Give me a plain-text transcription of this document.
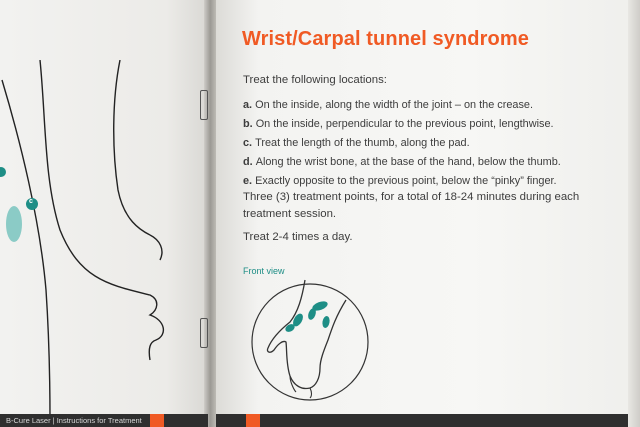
c
Wrist/Carpal tunnel syndrome
Treat the following locations:
a. On the inside, along the width of the joint – on the crease.
b. On the inside, perpendicular to the previous point, lengthwise.
c. Treat the length of the thumb, along the pad.
d. Along the wrist bone, at the base of the hand, below the thumb.
e. Exactly opposite to the previous point, below the “pinky” finger.
Three (3) treatment points, for a total of 18-24 minutes during each
treatment session.
Treat 2-4 times a day.
Front view
B-Cure Laser | Instructions for Treatment
